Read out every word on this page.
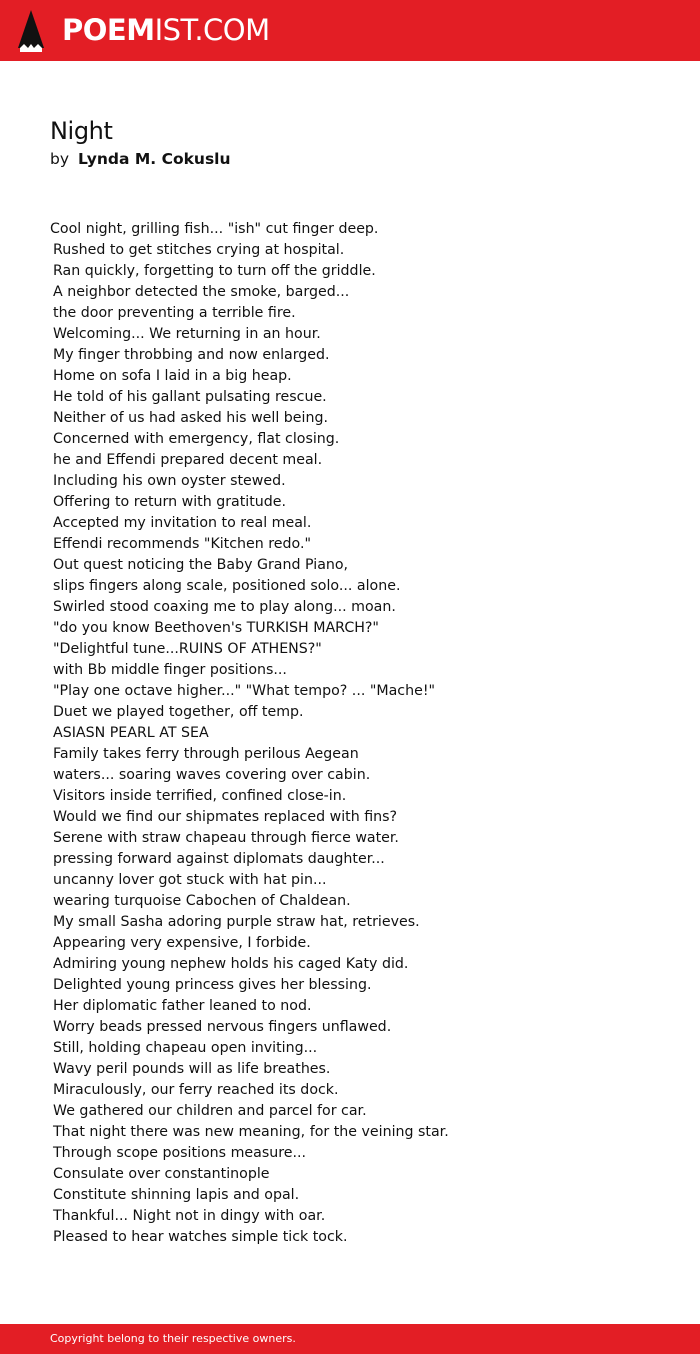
POEMIST.COM
Night
by Lynda M. Cokuslu
Cool night, grilling fish... "ish" cut finger deep.
Rushed to get stitches crying at hospital.
Ran quickly, forgetting to turn off the griddle.
A neighbor detected the smoke, barged...
the door preventing a terrible fire.
Welcoming... We returning in an hour.
My finger throbbing and now enlarged.
Home on sofa I laid in a big heap.
He told of his gallant pulsating rescue.
Neither of us had asked his well being.
Concerned with emergency, flat closing.
he and Effendi prepared decent meal.
Including his own oyster stewed.
Offering to return with gratitude.
Accepted my invitation to real meal.
Effendi recommends "Kitchen redo."
Out quest noticing the Baby Grand Piano,
slips fingers along scale, positioned solo... alone.
Swirled stood coaxing me to play along... moan.
"do you know Beethoven's TURKISH MARCH?"
"Delightful tune...RUINS OF ATHENS?"
with Bb middle finger positions...
"Play one octave higher..." "What tempo? ... "Mache!"
Duet we played together, off temp.
ASIASN PEARL AT SEA
Family takes ferry through perilous Aegean
waters... soaring waves covering over cabin.
Visitors inside terrified, confined close-in.
Would we find our shipmates replaced with fins?
Serene with straw chapeau through fierce water.
pressing forward against diplomats daughter...
uncanny lover got stuck with hat pin...
wearing turquoise Cabochen of Chaldean.
My small Sasha adoring purple straw hat, retrieves.
Appearing very expensive, I forbide.
Admiring young nephew holds his caged Katy did.
Delighted young princess gives her blessing.
Her diplomatic father leaned to nod.
Worry beads pressed nervous fingers unflawed.
Still, holding chapeau open inviting...
Wavy peril pounds will as life breathes.
Miraculously, our ferry reached its dock.
We gathered our children and parcel for car.
That night there was new meaning, for the veining star.
Through scope positions measure...
Consulate over constantinople
Constitute shinning lapis and opal.
Thankful... Night not in dingy with oar.
Pleased to hear watches simple tick tock.
Copyright belong to their respective owners.
